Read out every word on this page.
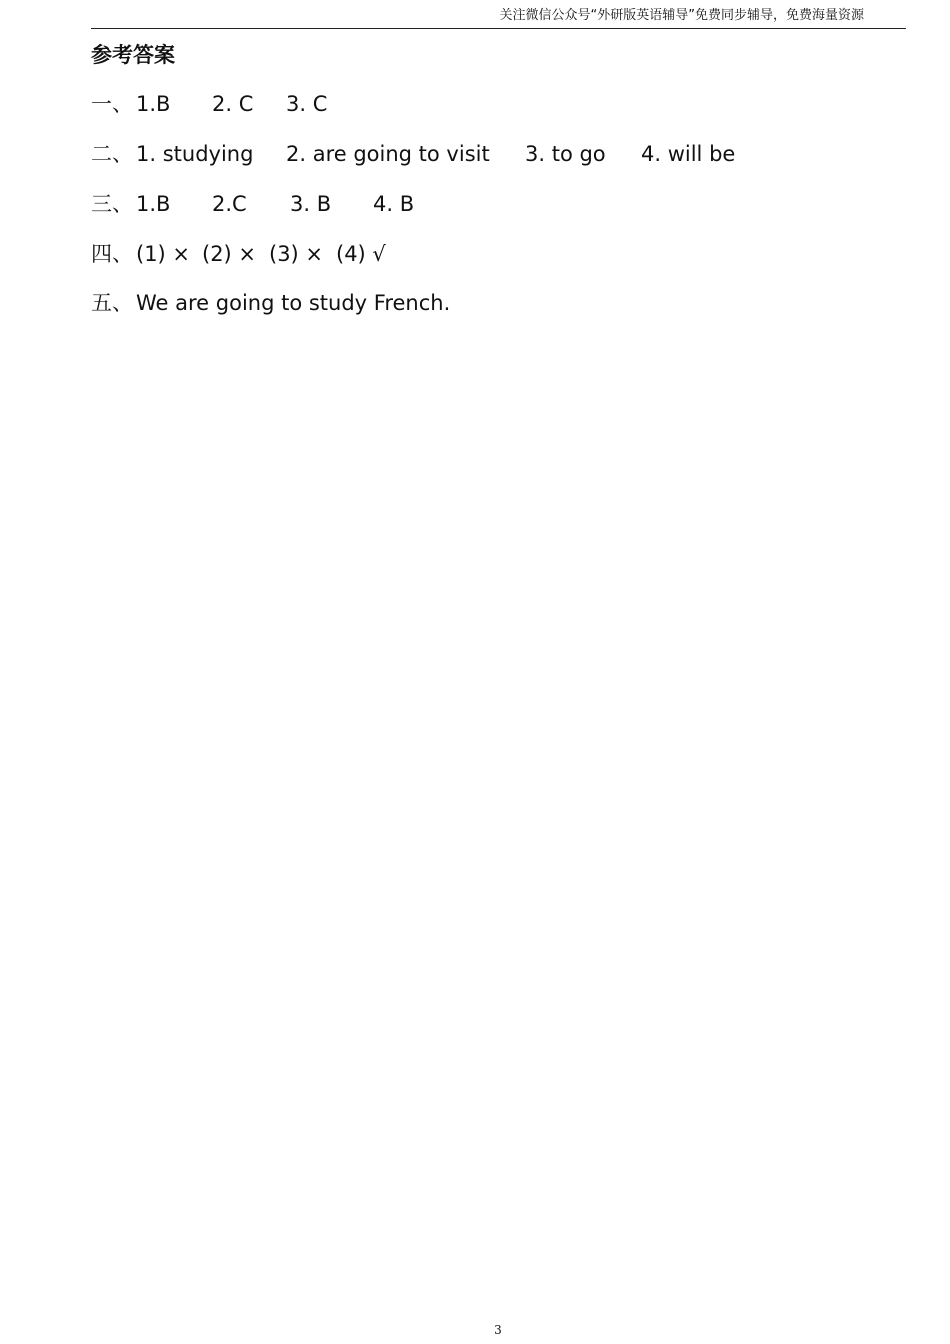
关注微信公众号“外研版英语辅导”免费同步辅导，免费海量资源
参考答案
一、 1.B 2. C 3. C
二、 1. studying 2. are going to visit 3. to go 4. will be
三、 1.B 2.C 3. B 4. B
四、 (1) × (2) × (3) × (4) √
五、 We are going to study French.
3
